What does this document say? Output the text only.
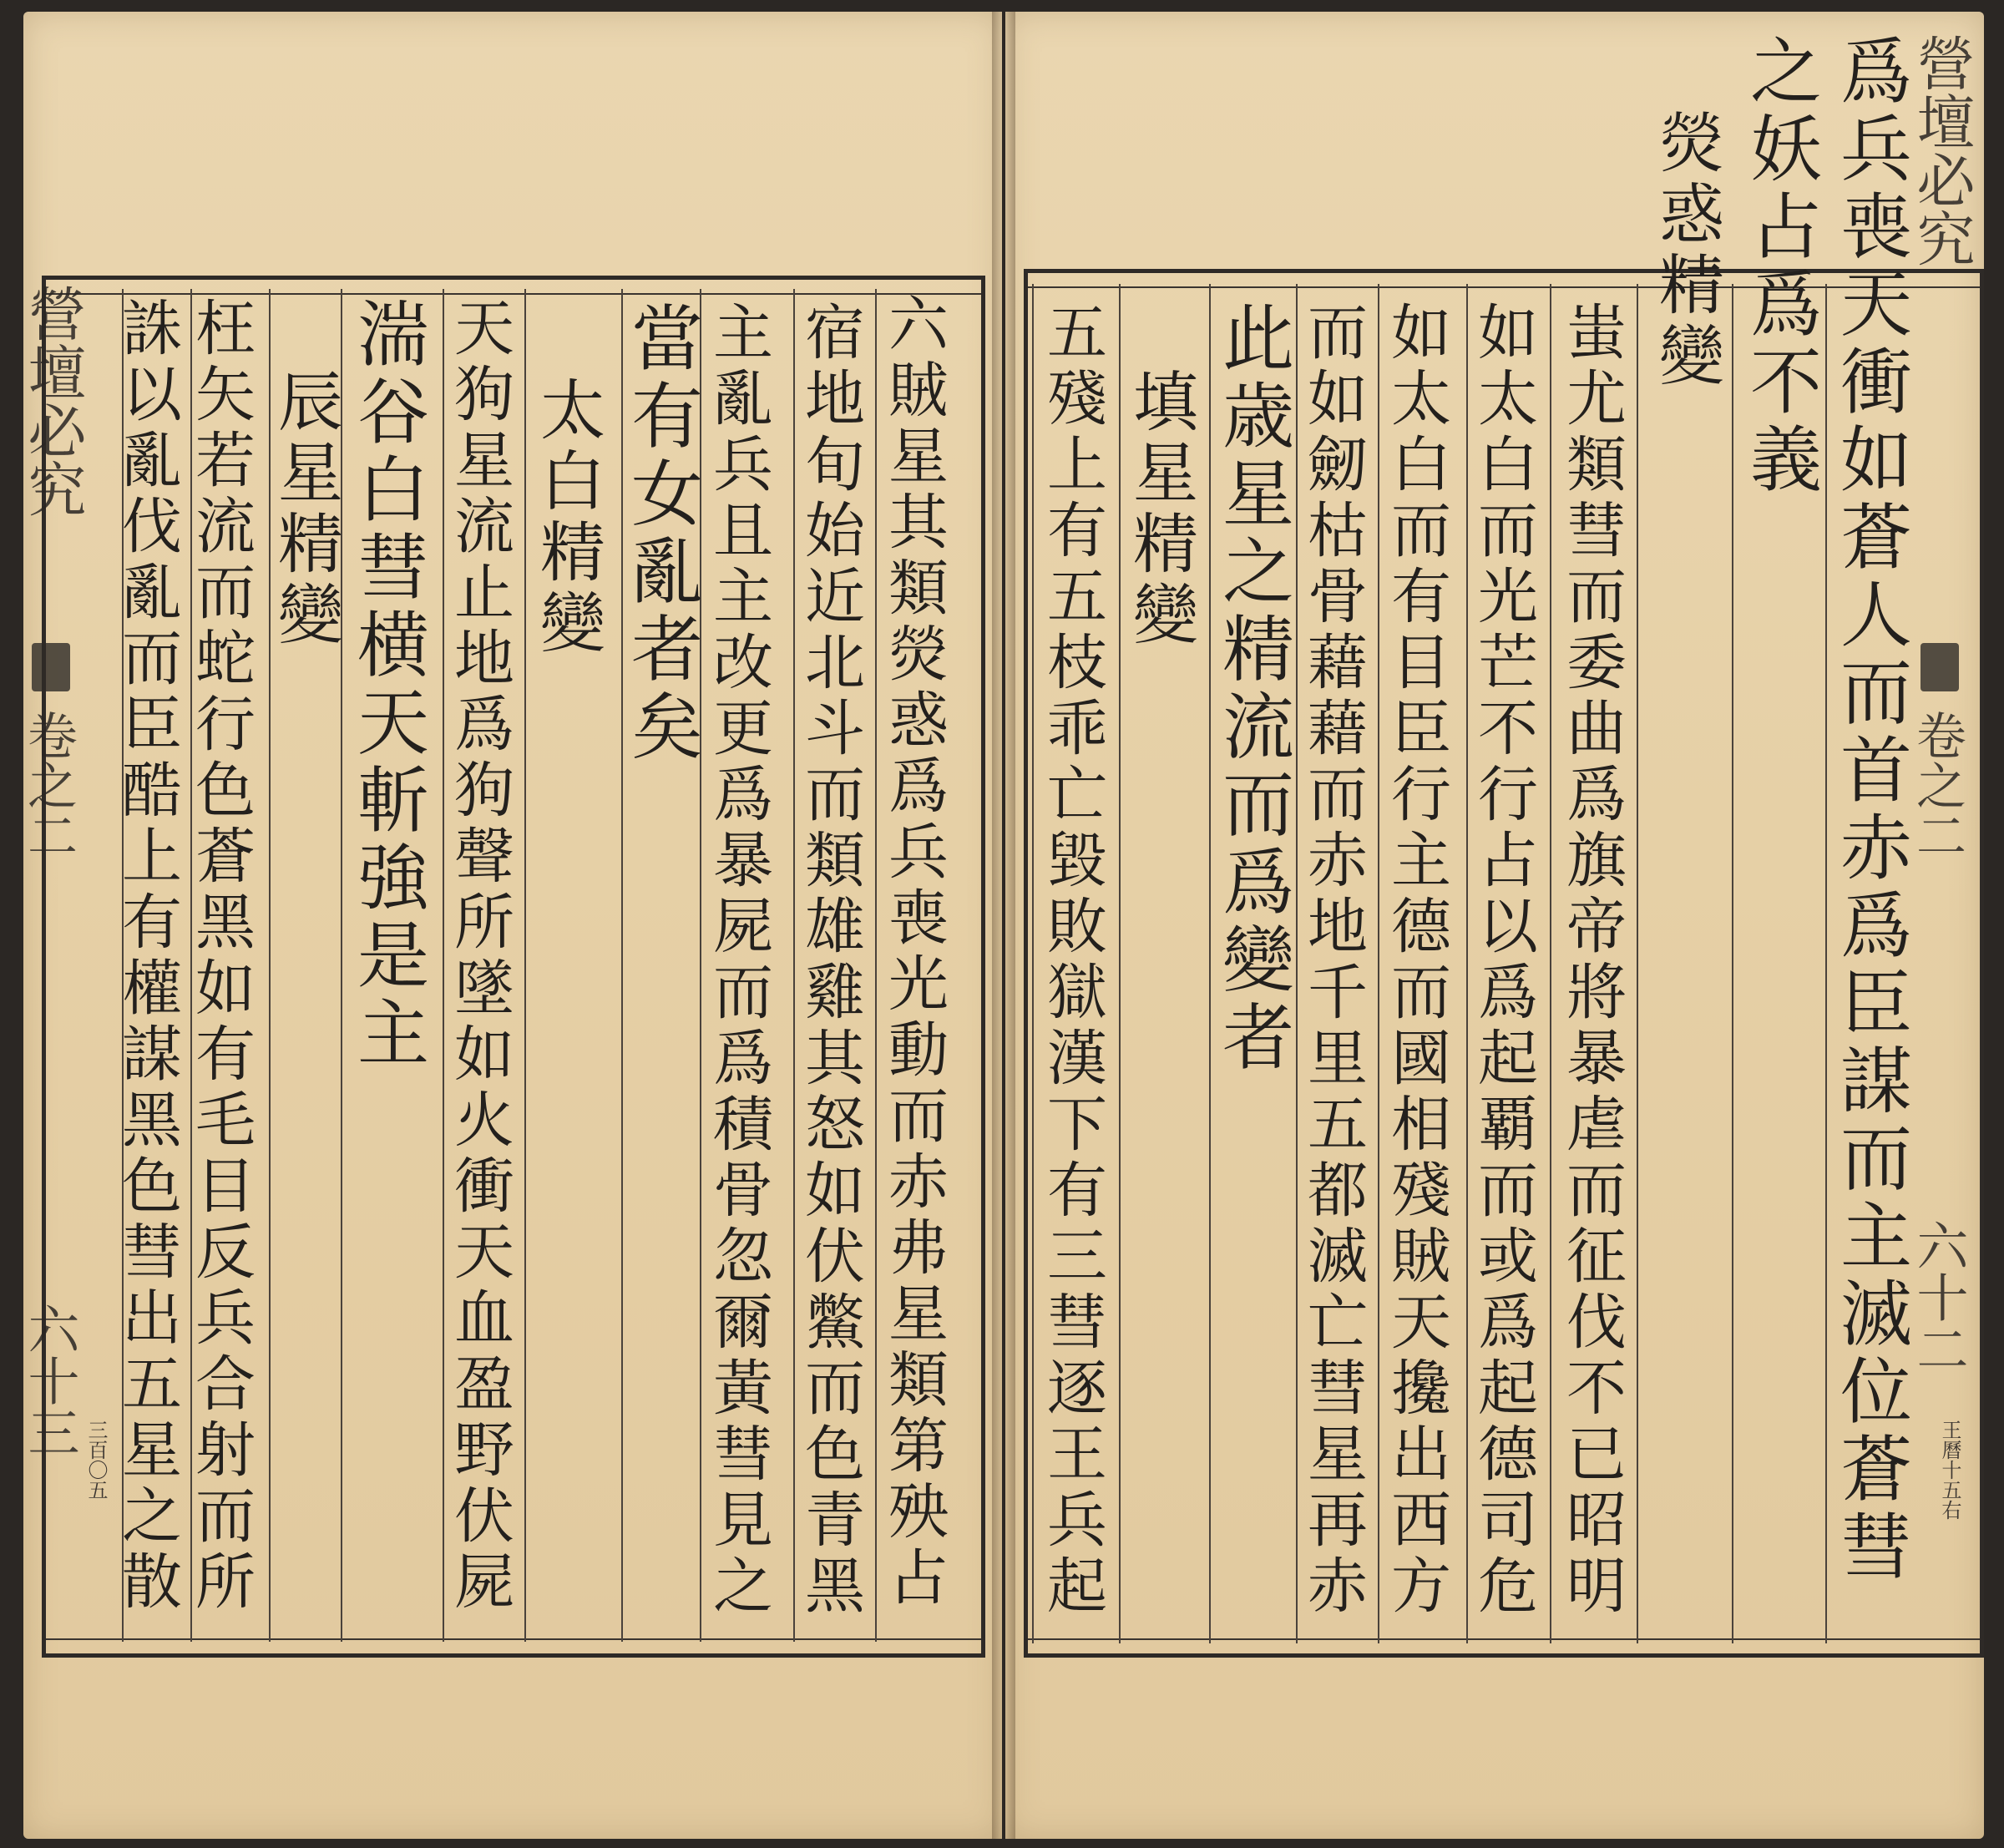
營壇必究
卷之二
六十三
三百〇五	六賊星其類熒惑爲兵喪光動而赤弗星類第殃占
宿地旬始近北斗而類雄雞其怒如伏鱉而色青黑
主亂兵且主改更爲暴屍而爲積骨忽爾黃彗見之
當有女亂者矣
太白精變
天狗星流止地爲狗聲所墜如火衝天血盈野伏屍
湍谷白彗横天斬強是主
辰星精變
枉矢若流而蛇行色蒼黑如有毛目反兵合射而所
誅以亂伐亂而臣酷上有權謀黑色彗出五星之散
營壇必究
卷之二
六十二
王曆十五右
爲兵喪天衝如蒼人而首赤爲臣謀而主滅位蒼彗
之妖占爲不義
熒惑精變
蚩尤類彗而委曲爲旗帝將暴虐而征伐不已昭明
如太白而光芒不行占以爲起覇而或爲起德司危
如太白而有目臣行主德而國相殘賊天攙出西方
而如劒枯骨藉藉而赤地千里五都滅亡彗星再赤
此歳星之精流而爲變者
填星精變
五殘上有五枝乖亡毀敗獄漢下有三彗逐王兵起
